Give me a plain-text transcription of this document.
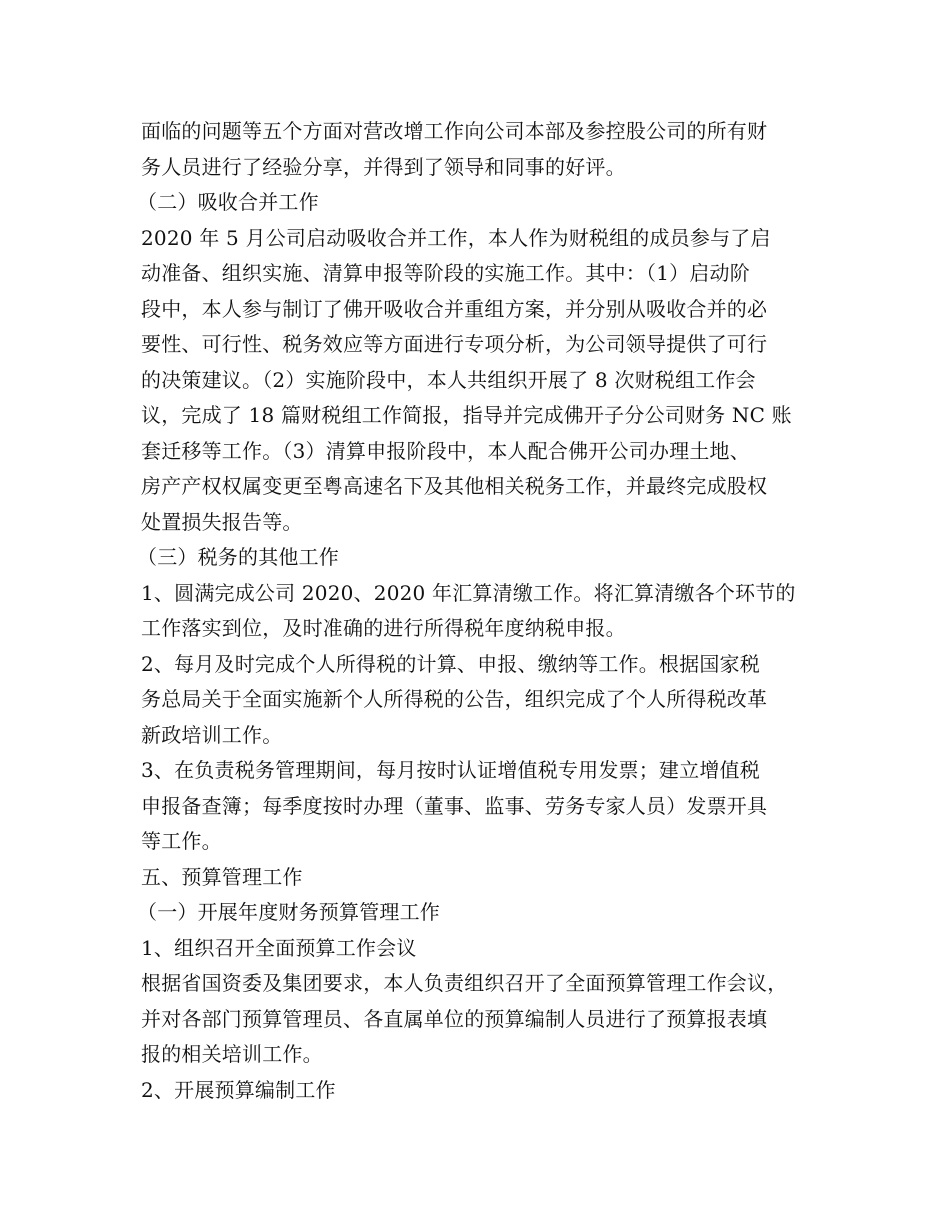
面临的问题等五个方面对营改增工作向公司本部及参控股公司的所有财
务人员进行了经验分享，并得到了领导和同事的好评。
（二）吸收合并工作
2020 年 5 月公司启动吸收合并工作，本人作为财税组的成员参与了启
动准备、组织实施、清算申报等阶段的实施工作。其中：（1）启动阶
段中，本人参与制订了佛开吸收合并重组方案，并分别从吸收合并的必
要性、可行性、税务效应等方面进行专项分析，为公司领导提供了可行
的决策建议。（2）实施阶段中，本人共组织开展了 8 次财税组工作会
议，完成了 18 篇财税组工作简报，指导并完成佛开子分公司财务 NC 账
套迁移等工作。（3）清算申报阶段中，本人配合佛开公司办理土地、
房产产权权属变更至粤高速名下及其他相关税务工作，并最终完成股权
处置损失报告等。
（三）税务的其他工作
1、圆满完成公司 2020、2020 年汇算清缴工作。将汇算清缴各个环节的
工作落实到位，及时准确的进行所得税年度纳税申报。
2、每月及时完成个人所得税的计算、申报、缴纳等工作。根据国家税
务总局关于全面实施新个人所得税的公告，组织完成了个人所得税改革
新政培训工作。
3、在负责税务管理期间，每月按时认证增值税专用发票；建立增值税
申报备查簿；每季度按时办理（董事、监事、劳务专家人员）发票开具
等工作。
五、预算管理工作
（一）开展年度财务预算管理工作
1、组织召开全面预算工作会议
根据省国资委及集团要求，本人负责组织召开了全面预算管理工作会议，
并对各部门预算管理员、各直属单位的预算编制人员进行了预算报表填
报的相关培训工作。
2、开展预算编制工作
